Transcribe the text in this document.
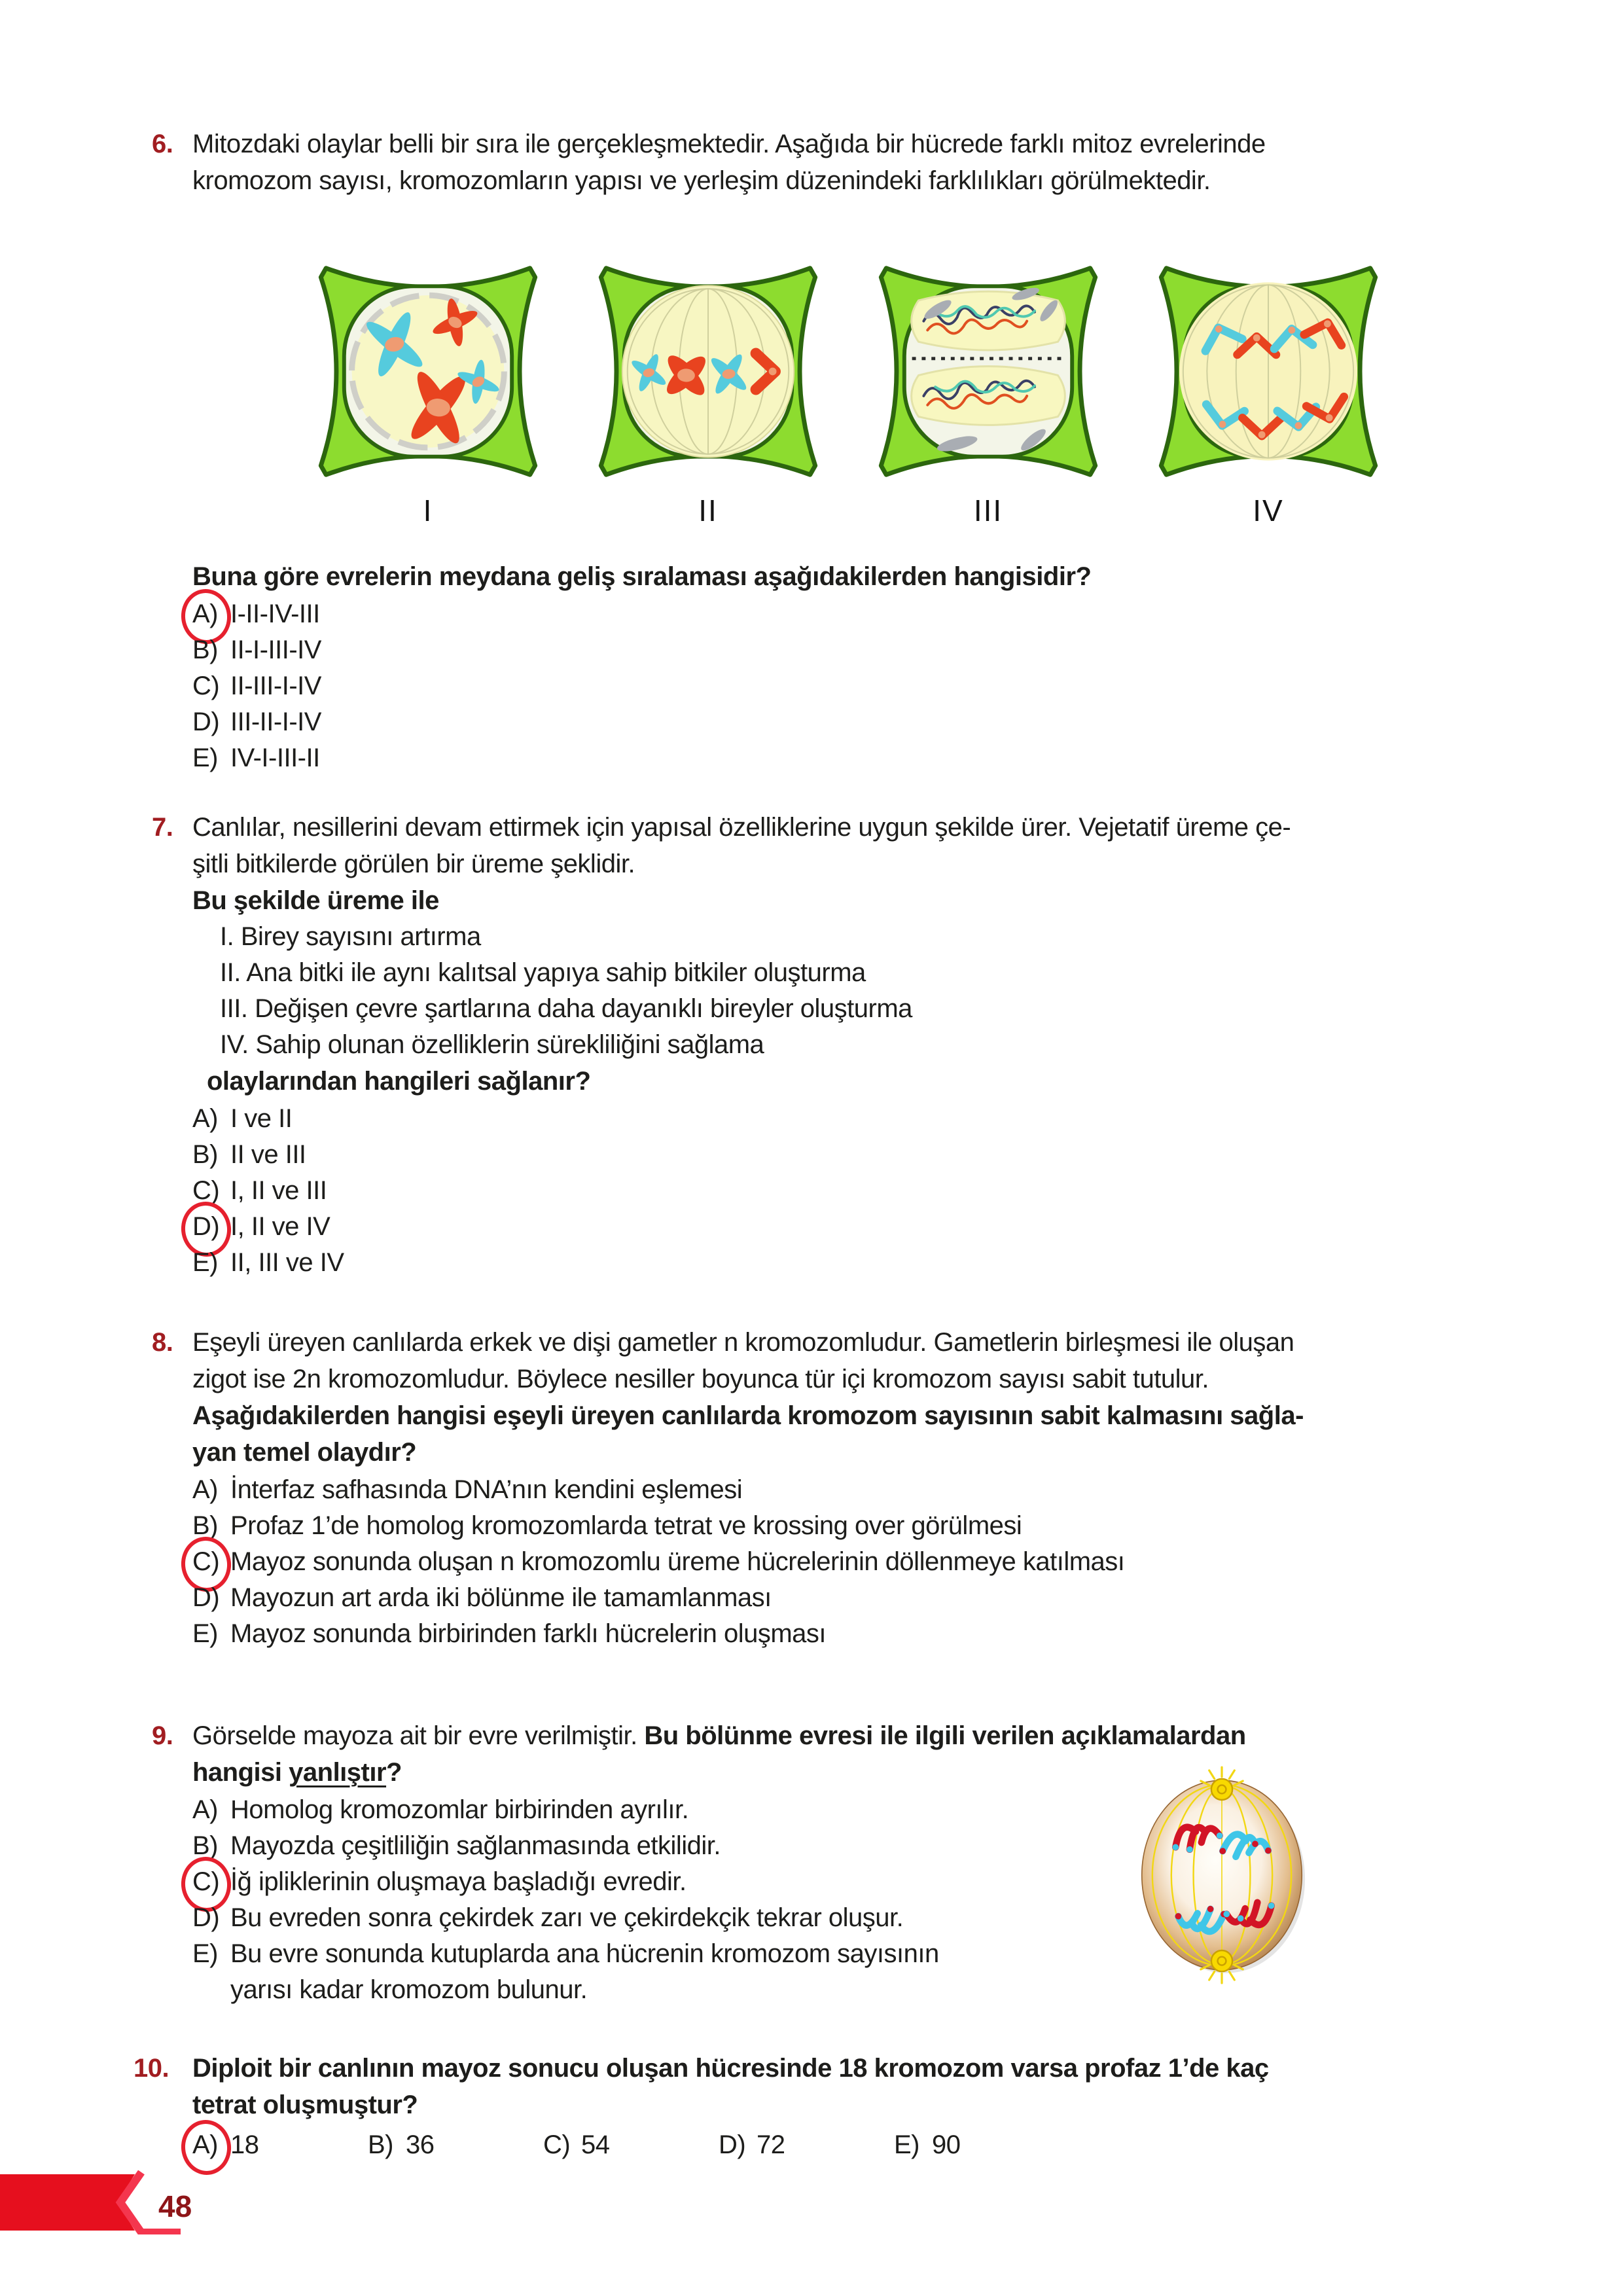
6. Mitozdaki olaylar belli bir sıra ile gerçekleşmektedir. Aşağıda bir hücrede farklı mitoz evrelerinde
kromozom sayısı, kromozomların yapısı ve yerleşim düzenindeki farklılıkları görülmektedir.
I	II	III	IV
Buna göre evrelerin meydana geliş sıralaması aşağıdakilerden hangisidir?
A) I-II-IV-III
B) II-I-III-IV
C) II-III-I-IV
D) III-II-I-IV
E) IV-I-III-II
7. Canlılar, nesillerini devam ettirmek için yapısal özelliklerine uygun şekilde ürer. Vejetatif üreme çe-
şitli bitkilerde görülen bir üreme şeklidir.
Bu şekilde üreme ile
I. Birey sayısını artırma
II. Ana bitki ile aynı kalıtsal yapıya sahip bitkiler oluşturma
III. Değişen çevre şartlarına daha dayanıklı bireyler oluşturma
IV. Sahip olunan özelliklerin sürekliliğini sağlama
olaylarından hangileri sağlanır?
A) I ve II
B) II ve III
C) I, II ve III
D) I, II ve IV
E) II, III ve IV
8. Eşeyli üreyen canlılarda erkek ve dişi gametler n kromozomludur. Gametlerin birleşmesi ile oluşan
zigot ise 2n kromozomludur. Böylece nesiller boyunca tür içi kromozom sayısı sabit tutulur.
Aşağıdakilerden hangisi eşeyli üreyen canlılarda kromozom sayısının sabit kalmasını sağla-
yan temel olaydır?
A) İnterfaz safhasında DNA’nın kendini eşlemesi
B) Profaz 1’de homolog kromozomlarda tetrat ve krossing over görülmesi
C) Mayoz sonunda oluşan n kromozomlu üreme hücrelerinin döllenmeye katılması
D) Mayozun art arda iki bölünme ile tamamlanması
E) Mayoz sonunda birbirinden farklı hücrelerin oluşması
9. Görselde mayoza ait bir evre verilmiştir. Bu bölünme evresi ile ilgili verilen açıklamalardan
hangisi yanlıştır?
A) Homolog kromozomlar birbirinden ayrılır.
B) Mayozda çeşitliliğin sağlanmasında etkilidir.
C) İğ ipliklerinin oluşmaya başladığı evredir.
D) Bu evreden sonra çekirdek zarı ve çekirdekçik tekrar oluşur.
E) Bu evre sonunda kutuplarda ana hücrenin kromozom sayısının yarısı kadar kromozom bulunur.
10. Diploit bir canlının mayoz sonucu oluşan hücresinde 18 kromozom varsa profaz 1’de kaç
tetrat oluşmuştur?
A) 18	B) 36	C) 54	D) 72	E) 90
48
